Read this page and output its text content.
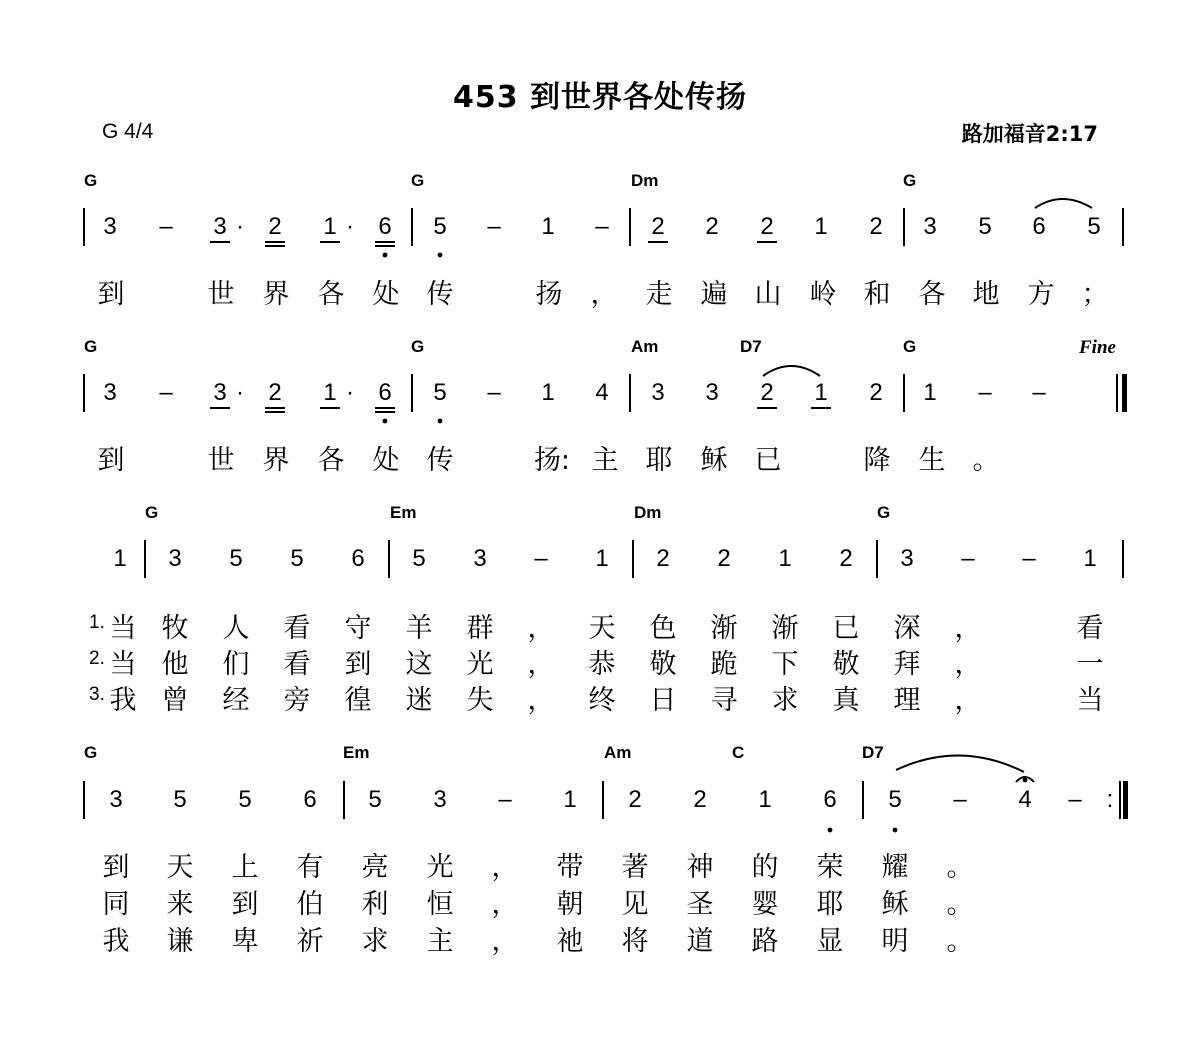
453 到世界各处传扬
G 4/4	路加福音2:17
G	G	Dm	G
3 – 3 · 2 1 · 6 5 – 1 – 2 2 2 1 2 3 5 6 5
到	世 界 各 处 传	扬 ， 走 遍 山 岭 和 各 地 方 ；
G	G	Am	D7	G	Fine
3 – 3 · 2 1 · 6 5 – 1 4 3 3 2 1 2 1 – –
到	世 界 各 处 传	扬: 主 耶 稣 已	降 生 。
G	Em	Dm	G
1 3 5 5 6 5 3 – 1 2 2 1 2 3 – – 1
1. 当 牧 人 看 守 羊 群 ， 天 色 渐 渐 已 深 ，	看
2. 当 他 们 看 到 这 光 ， 恭 敬 跪 下 敬 拜 ，	一
3. 我 曾 经 旁 徨 迷 失 ， 终 日 寻 求 真 理 ，	当
G	Em	Am	C	D7
3 5 5 6 5 3 – 1 2 2 1 6 5 – 4 – :
到 天 上 有 亮 光 ， 带 著 神 的 荣 耀 。
同 来 到 伯 利 恒 ， 朝 见 圣 婴 耶 稣 。
我 谦 卑 祈 求 主 ， 祂 将 道 路 显 明 。
